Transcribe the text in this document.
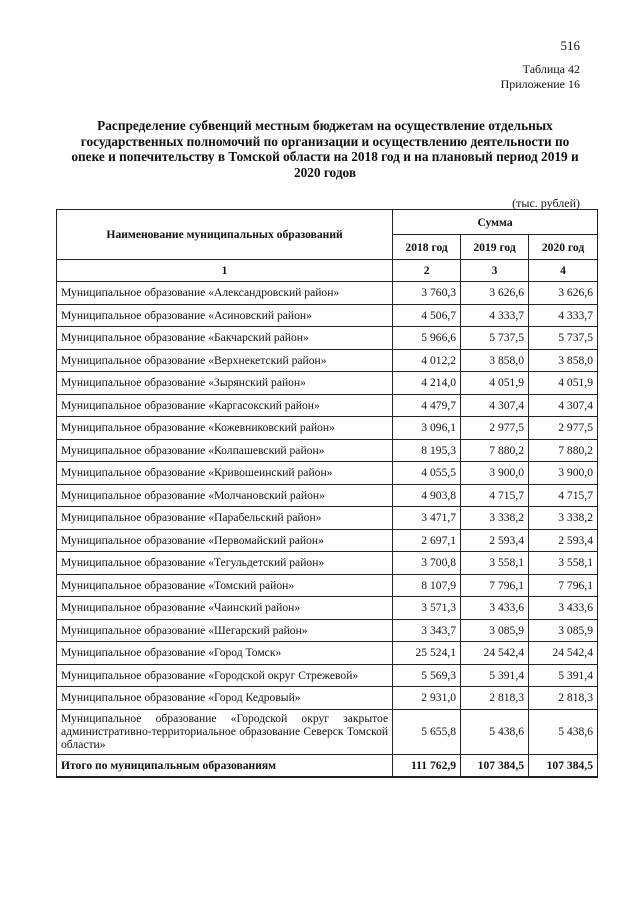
516
Таблица 42
Приложение 16
Распределение субвенций местным бюджетам на осуществление отдельных государственных полномочий по организации и осуществлению деятельности по опеке и попечительству в Томской области на 2018 год и на плановый период 2019 и 2020 годов
(тыс. рублей)
Наименование муниципальных образований	Сумма		
	2018 год	2019 год	2020 год
1	2	3	4
Муниципальное образование «Александровский район»	3 760,3	3 626,6	3 626,6
Муниципальное образование «Асиновский район»	4 506,7	4 333,7	4 333,7
Муниципальное образование «Бакчарский район»	5 966,6	5 737,5	5 737,5
Муниципальное образование «Верхнекетский район»	4 012,2	3 858,0	3 858,0
Муниципальное образование «Зырянский район»	4 214,0	4 051,9	4 051,9
Муниципальное образование «Каргасокский район»	4 479,7	4 307,4	4 307,4
Муниципальное образование «Кожевниковский район»	3 096,1	2 977,5	2 977,5
Муниципальное образование «Колпашевский район»	8 195,3	7 880,2	7 880,2
Муниципальное образование «Кривошеинский район»	4 055,5	3 900,0	3 900,0
Муниципальное образование «Молчановский район»	4 903,8	4 715,7	4 715,7
Муниципальное образование «Парабельский район»	3 471,7	3 338,2	3 338,2
Муниципальное образование «Первомайский район»	2 697,1	2 593,4	2 593,4
Муниципальное образование «Тегульдетский район»	3 700,8	3 558,1	3 558,1
Муниципальное образование «Томский район»	8 107,9	7 796,1	7 796,1
Муниципальное образование «Чаинский район»	3 571,3	3 433,6	3 433,6
Муниципальное образование «Шегарский район»	3 343,7	3 085,9	3 085,9
Муниципальное образование «Город Томск»	25 524,1	24 542,4	24 542,4
Муниципальное образование «Городской округ Стрежевой»	5 569,3	5 391,4	5 391,4
Муниципальное образование «Город Кедровый»	2 931,0	2 818,3	2 818,3
Муниципальное образование «Городской округ закрытое административно-территориальное образование Северск Томской области»	5 655,8	5 438,6	5 438,6
Итого по муниципальным образованиям	111 762,9	107 384,5	107 384,5
